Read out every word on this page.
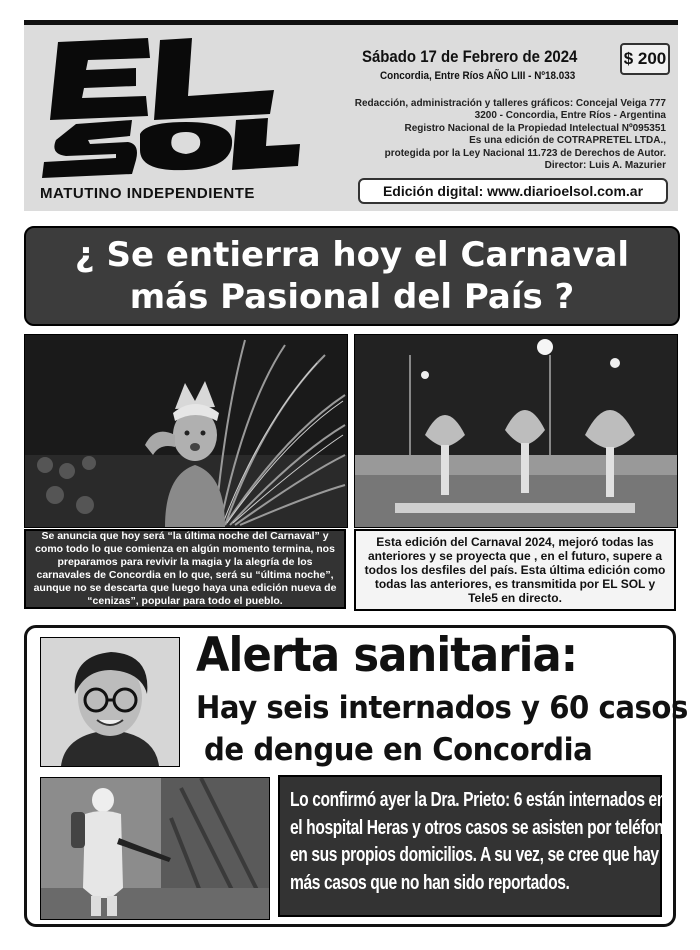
MATUTINO INDEPENDIENTE
Sábado 17 de Febrero de 2024
Concordia, Entre Ríos AÑO LIII - Nº18.033
$ 200
Redacción, administración y talleres gráficos: Concejal Veiga 777
3200 - Concordia, Entre Ríos - Argentina
Registro Nacional de la Propiedad Intelectual Nº095351
Es una edición de COTRAPRETEL LTDA.,
protegida por la Ley Nacional 11.723 de Derechos de Autor.
Director: Luis A. Mazurier
Edición digital: www.diarioelsol.com.ar
¿ Se entierra hoy el Carnaval
más Pasional del País ?
Se anuncia que hoy será “la última noche del Carnaval” y como todo lo que comienza en algún momento termina, nos preparamos para revivir la magia y la alegría de los carnavales de Concordia en lo que, será su “última noche”, aunque no se descarta que luego haya una edición nueva de “cenizas”, popular para todo el pueblo.
Esta edición del Carnaval 2024, mejoró todas las anteriores y se proyecta que , en el futuro, supere a todos los desfiles del país. Esta última edición como todas las anteriores, es transmitida por EL SOL y Tele5 en directo.
Alerta sanitaria:
Hay seis internados y 60 casos
de dengue en Concordia
Lo confirmó ayer la Dra. Prieto: 6 están internados en
el hospital Heras y otros casos se asisten por teléfono
en sus propios domicilios. A su vez, se cree que hay
más casos que no han sido reportados.
